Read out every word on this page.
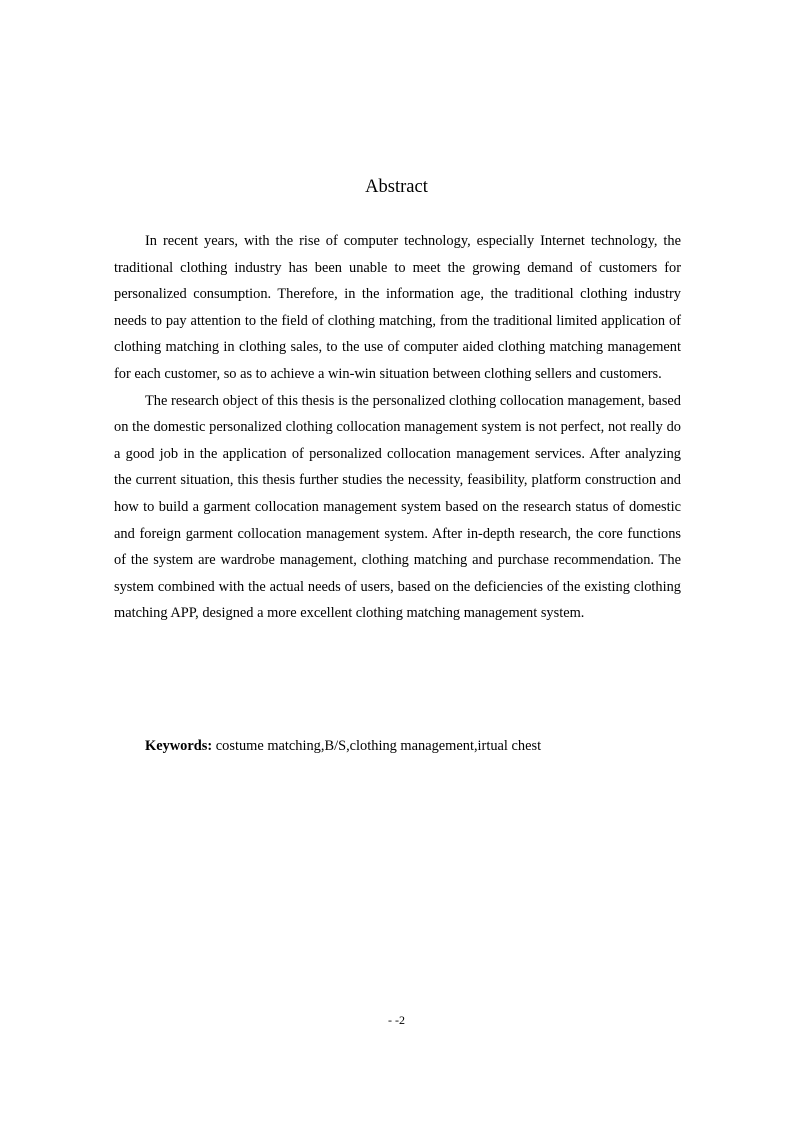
Abstract

In recent years, with the rise of computer technology, especially Internet technology, the traditional clothing industry has been unable to meet the growing demand of customers for personalized consumption. Therefore, in the information age, the traditional clothing industry needs to pay attention to the field of clothing matching, from the traditional limited application of clothing matching in clothing sales, to the use of computer aided clothing matching management for each customer, so as to achieve a win-win situation between clothing sellers and customers.

The research object of this thesis is the personalized clothing collocation management, based on the domestic personalized clothing collocation management system is not perfect, not really do a good job in the application of personalized collocation management services. After analyzing the current situation, this thesis further studies the necessity, feasibility, platform construction and how to build a garment collocation management system based on the research status of domestic and foreign garment collocation management system. After in-depth research, the core functions of the system are wardrobe management, clothing matching and purchase recommendation. The system combined with the actual needs of users, based on the deficiencies of the existing clothing matching APP, designed a more excellent clothing matching management system.

Keywords: costume matching,B/S,clothing management,irtual chest

- -2
